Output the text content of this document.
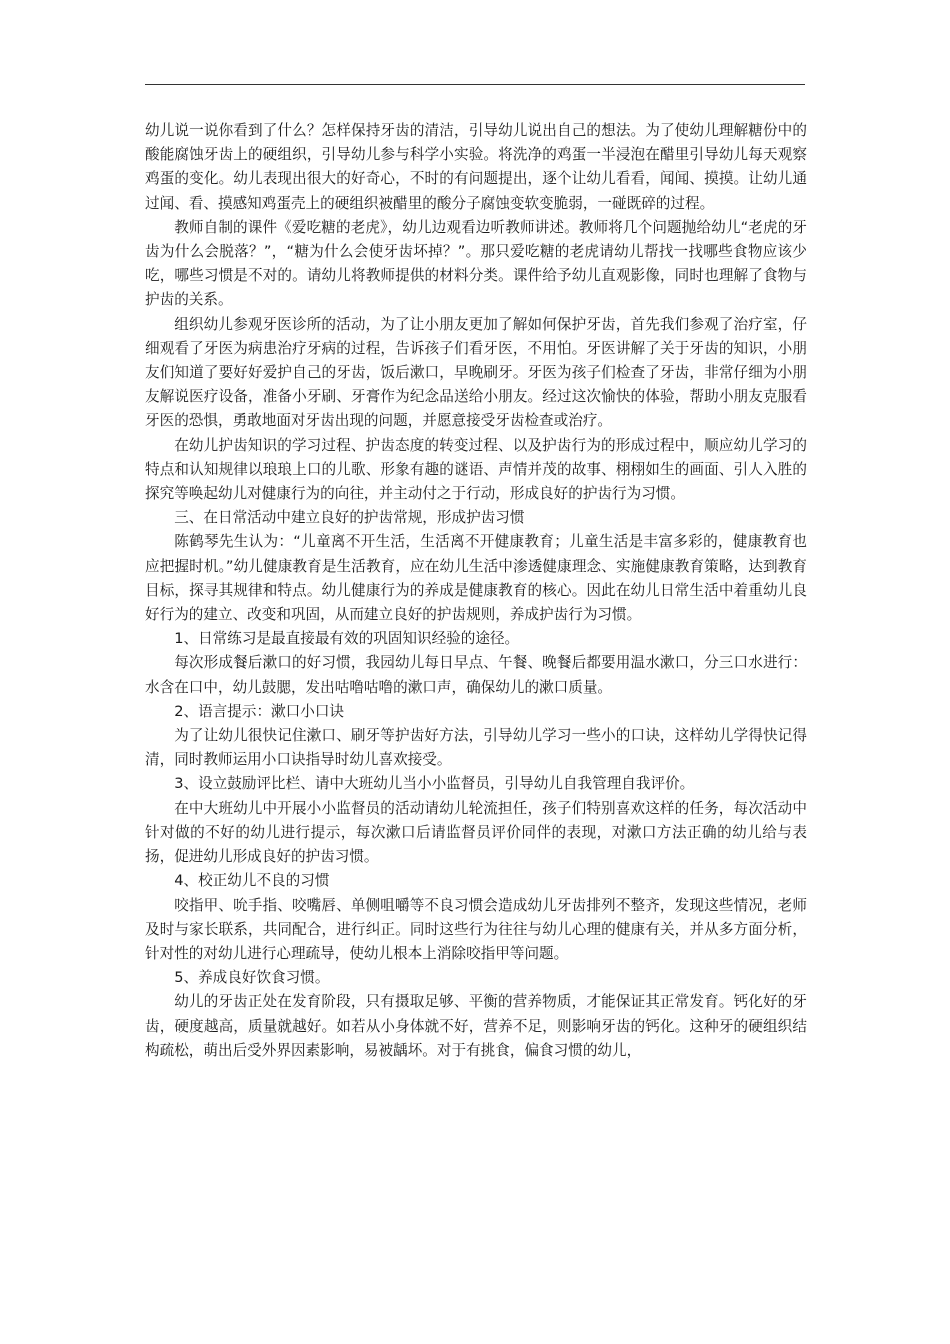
幼儿说一说你看到了什么？怎样保持牙齿的清洁，引导幼儿说出自己的想法。为了使幼儿理解糖份中的酸能腐蚀牙齿上的硬组织，引导幼儿参与科学小实验。将洗净的鸡蛋一半浸泡在醋里引导幼儿每天观察鸡蛋的变化。幼儿表现出很大的好奇心，不时的有问题提出，逐个让幼儿看看，闻闻、摸摸。让幼儿通过闻、看、摸感知鸡蛋壳上的硬组织被醋里的酸分子腐蚀变软变脆弱，一碰既碎的过程。

教师自制的课件《爱吃糖的老虎》，幼儿边观看边听教师讲述。教师将几个问题抛给幼儿“老虎的牙齿为什么会脱落？”，“糖为什么会使牙齿坏掉？”。那只爱吃糖的老虎请幼儿帮找一找哪些食物应该少吃，哪些习惯是不对的。请幼儿将教师提供的材料分类。课件给予幼儿直观影像，同时也理解了食物与护齿的关系。

组织幼儿参观牙医诊所的活动，为了让小朋友更加了解如何保护牙齿，首先我们参观了治疗室，仔细观看了牙医为病患治疗牙病的过程，告诉孩子们看牙医，不用怕。牙医讲解了关于牙齿的知识，小朋友们知道了要好好爱护自己的牙齿，饭后漱口，早晚刷牙。牙医为孩子们检查了牙齿，非常仔细为小朋友解说医疗设备，准备小牙刷、牙膏作为纪念品送给小朋友。经过这次愉快的体验，帮助小朋友克服看牙医的恐惧，勇敢地面对牙齿出现的问题，并愿意接受牙齿检查或治疗。

在幼儿护齿知识的学习过程、护齿态度的转变过程、以及护齿行为的形成过程中，顺应幼儿学习的特点和认知规律以琅琅上口的儿歌、形象有趣的谜语、声情并茂的故事、栩栩如生的画面、引人入胜的探究等唤起幼儿对健康行为的向往，并主动付之于行动，形成良好的护齿行为习惯。

三、在日常活动中建立良好的护齿常规，形成护齿习惯

陈鹤琴先生认为：“儿童离不开生活，生活离不开健康教育；儿童生活是丰富多彩的，健康教育也应把握时机。”幼儿健康教育是生活教育，应在幼儿生活中渗透健康理念、实施健康教育策略，达到教育目标，探寻其规律和特点。幼儿健康行为的养成是健康教育的核心。因此在幼儿日常生活中着重幼儿良好行为的建立、改变和巩固，从而建立良好的护齿规则，养成护齿行为习惯。

1、日常练习是最直接最有效的巩固知识经验的途径。

每次形成餐后漱口的好习惯，我园幼儿每日早点、午餐、晚餐后都要用温水漱口，分三口水进行：水含在口中，幼儿鼓腮，发出咕噜咕噜的漱口声，确保幼儿的漱口质量。

2、语言提示：漱口小口诀

为了让幼儿很快记住漱口、刷牙等护齿好方法，引导幼儿学习一些小的口诀，这样幼儿学得快记得清，同时教师运用小口诀指导时幼儿喜欢接受。

3、设立鼓励评比栏、请中大班幼儿当小小监督员，引导幼儿自我管理自我评价。

在中大班幼儿中开展小小监督员的活动请幼儿轮流担任，孩子们特别喜欢这样的任务，每次活动中针对做的不好的幼儿进行提示，每次漱口后请监督员评价同伴的表现，对漱口方法正确的幼儿给与表扬，促进幼儿形成良好的护齿习惯。

4、校正幼儿不良的习惯

咬指甲、吮手指、咬嘴唇、单侧咀嚼等不良习惯会造成幼儿牙齿排列不整齐，发现这些情况，老师及时与家长联系，共同配合，进行纠正。同时这些行为往往与幼儿心理的健康有关，并从多方面分析，针对性的对幼儿进行心理疏导，使幼儿根本上消除咬指甲等问题。

5、养成良好饮食习惯。

幼儿的牙齿正处在发育阶段，只有摄取足够、平衡的营养物质，才能保证其正常发育。钙化好的牙齿，硬度越高，质量就越好。如若从小身体就不好，营养不足，则影响牙齿的钙化。这种牙的硬组织结构疏松，萌出后受外界因素影响，易被龋坏。对于有挑食，偏食习惯的幼儿，
